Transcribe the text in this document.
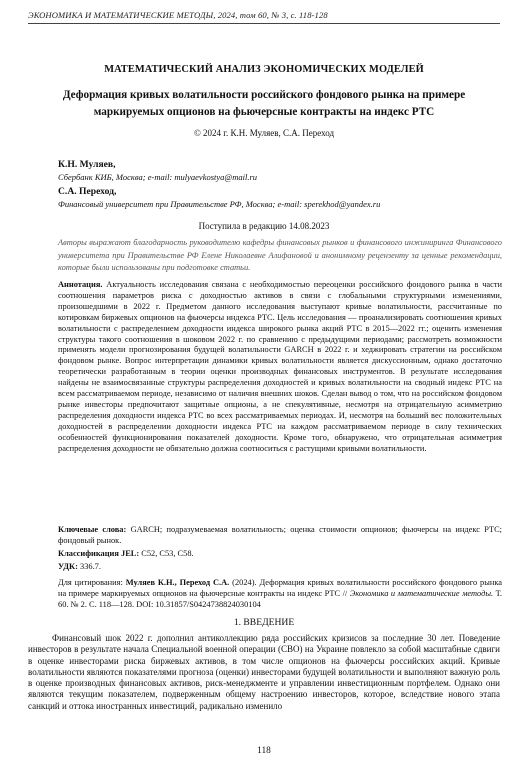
ЭКОНОМИКА И МАТЕМАТИЧЕСКИЕ МЕТОДЫ, 2024, том 60, № 3, с. 118-128
МАТЕМАТИЧЕСКИЙ АНАЛИЗ ЭКОНОМИЧЕСКИХ МОДЕЛЕЙ
Деформация кривых волатильности российского фондового рынка на примере маркируемых опционов на фьючерсные контракты на индекс РТС
© 2024 г. К.Н. Муляев, С.А. Переход
К.Н. Муляев,
Сбербанк КИБ, Москва; e-mail: mulyaevkostya@mail.ru
С.А. Переход,
Финансовый университет при Правительстве РФ, Москва; e-mail: sperekhod@yandex.ru
Поступила в редакцию 14.08.2023
Авторы выражают благодарность руководителю кафедры финансовых рынков и финансового инжиниринга Финансового университета при Правительстве РФ Елене Николаевне Алифановой и анонимному рецензенту за ценные рекомендации, которые были использованы при подготовке статьи.
Аннотация. Актуальность исследования связана с необходимостью переоценки российского фондового рынка в части соотношения параметров риска с доходностью активов в связи с глобальными структурными изменениями, произошедшими в 2022 г. Предметом данного исследования выступают кривые волатильности, рассчитанные по котировкам биржевых опционов на фьючерсы индекса РТС. Цель исследования — проанализировать соотношения кривых волатильности с распределением доходности индекса широкого рынка акций РТС в 2015—2022 гг.; оценить изменения структуры такого соотношения в шоковом 2022 г. по сравнению с предыдущими периодами; рассмотреть возможности применять модели прогнозирования будущей волатильности GARCH в 2022 г. и хеджировать стратегии на российском фондовом рынке. Вопрос интерпретации динамики кривых волатильности является дискуссионным, однако достаточно теоретически разработанным в теории оценки производных финансовых инструментов. В результате исследования найдены не взаимосвязанные структуры распределения доходностей и кривых волатильности на сводный индекс РТС на всем рассматриваемом периоде, независимо от наличия внешних шоков. Сделан вывод о том, что на российском фондовом рынке инвесторы предпочитают защитные опционы, а не спекулятивные, несмотря на отрицательную асимметрию распределения доходности индекса РТС во всех рассматриваемых периодах. И, несмотря на больший вес положительных доходностей в распределении доходности индекса РТС на каждом рассматриваемом периоде в силу технических особенностей функционирования показателей доходности. Кроме того, обнаружено, что отрицательная асимметрия распределения доходности не обязательно должна соотноситься с растущими кривыми волатильности.
Ключевые слова: GARCH; подразумеваемая волатильность; оценка стоимости опционов; фьючерсы на индекс РТС; фондовый рынок.
Классификация JEL: C52, C53, C58.
УДК: 336.7.
Для цитирования: Муляев К.Н., Переход С.А. (2024). Деформация кривых волатильности российского фондового рынка на примере маркируемых опционов на фьючерсные контракты на индекс РТС // Экономика и математические методы. Т. 60. № 2. С. 118—128. DOI: 10.31857/S0424738824030104
1. ВВЕДЕНИЕ
Финансовый шок 2022 г. дополнил антиколлекцию ряда российских кризисов за последние 30 лет. Поведение инвесторов в результате начала Специальной военной операции (СВО) на Украине повлекло за собой масштабные сдвиги в оценке инвесторами риска биржевых активов, в том числе опционов на фьючерсы российских акций. Кривые волатильности являются показателями прогноза (оценки) инвесторами будущей волатильности и выполняют важную роль в оценке производных финансовых активов, риск-менеджменте и управлении инвестиционным портфелем. Однако они являются текущим показателем, подверженным общему настроению инвесторов, которое, вследствие нового этапа санкций и оттока иностранных инвестиций, радикально изменило
118
